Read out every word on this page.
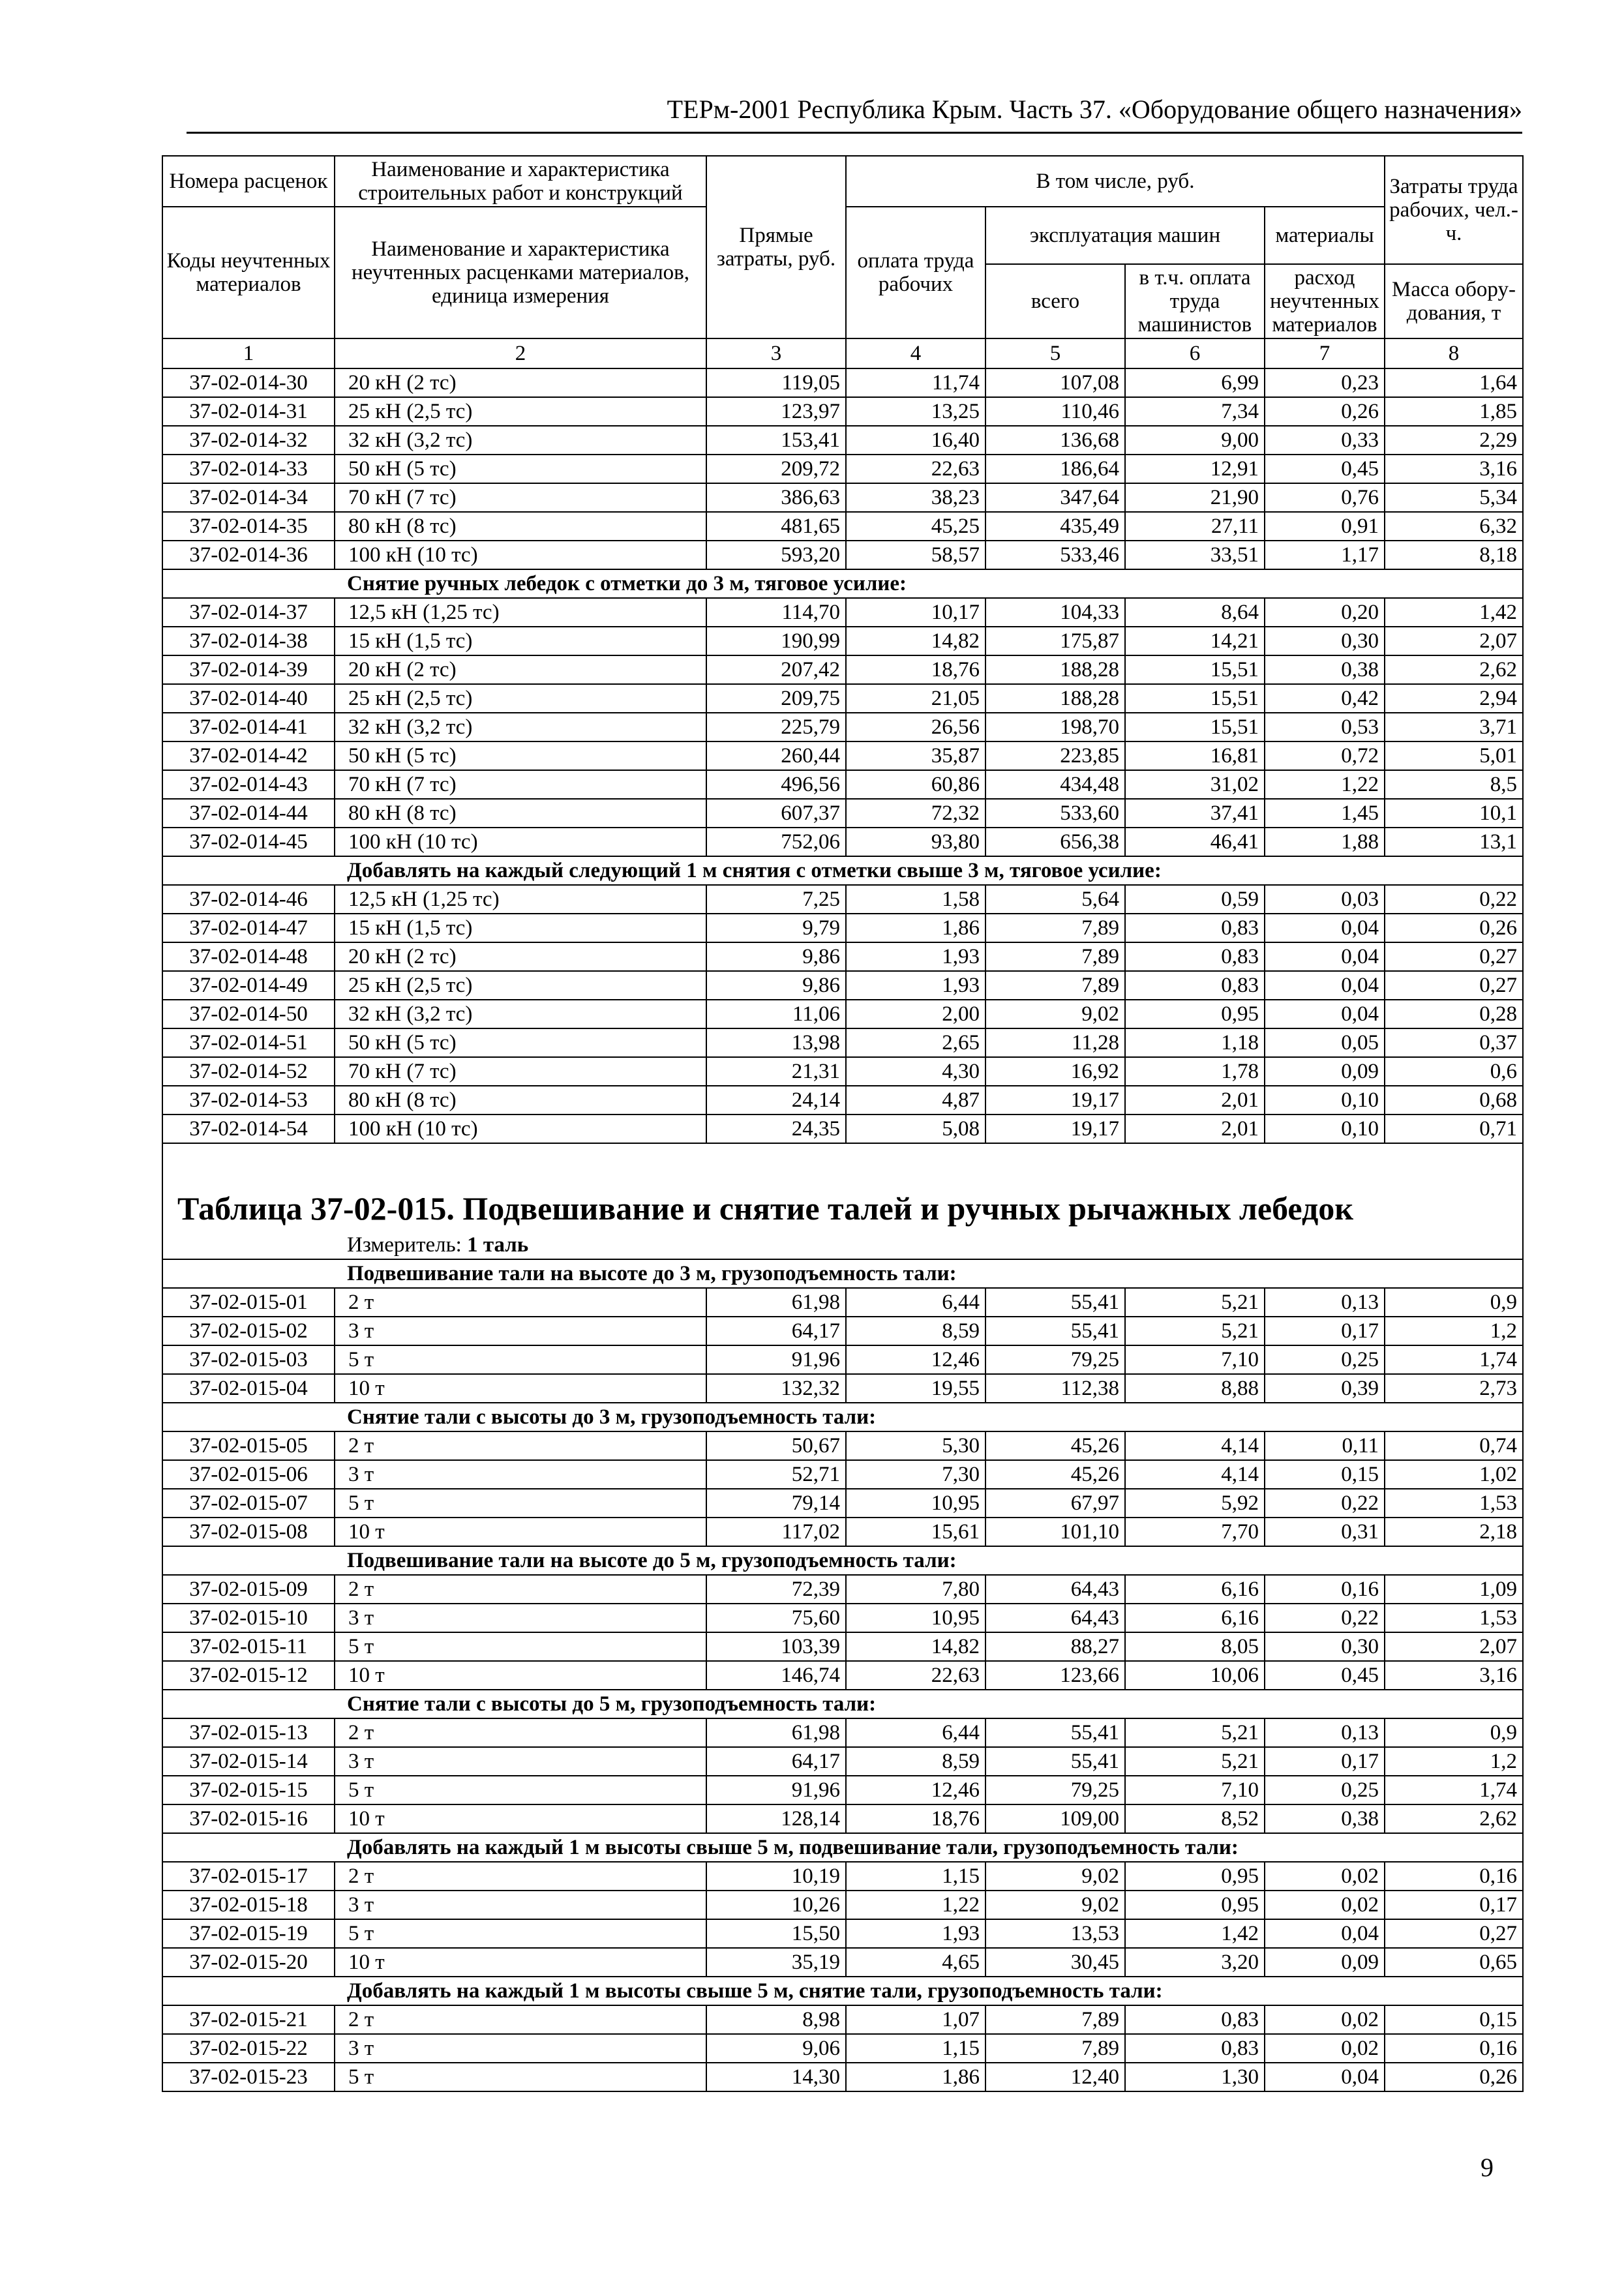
ТЕРм-2001 Республика Крым. Часть 37. «Оборудование общего назначения»
Номера расценок	Наименование и характеристика строительных работ и конструкций	Прямые затраты, руб.	В том числе, руб.				Затраты труда рабочих, чел.-ч.
Коды неучтенных материалов	Наименование и характеристика неучтенных расценками материалов, единица измерения		оплата труда рабочих	эксплуатация машин		материалы	
				всего	в т.ч. оплата труда машинистов	расход неучтенных материалов	Масса обору-дования, т
1	2	3	4	5	6	7	8
37-02-014-30	20 кН (2 тс)	119,05	11,74	107,08	6,99	0,23	1,64
37-02-014-31	25 кН (2,5 тс)	123,97	13,25	110,46	7,34	0,26	1,85
37-02-014-32	32 кН (3,2 тс)	153,41	16,40	136,68	9,00	0,33	2,29
37-02-014-33	50 кН (5 тс)	209,72	22,63	186,64	12,91	0,45	3,16
37-02-014-34	70 кН (7 тс)	386,63	38,23	347,64	21,90	0,76	5,34
37-02-014-35	80 кН (8 тс)	481,65	45,25	435,49	27,11	0,91	6,32
37-02-014-36	100 кН (10 тс)	593,20	58,57	533,46	33,51	1,17	8,18
Снятие ручных лебедок с отметки до 3 м, тяговое усилие:							
37-02-014-37	12,5 кН (1,25 тс)	114,70	10,17	104,33	8,64	0,20	1,42
37-02-014-38	15 кН (1,5 тс)	190,99	14,82	175,87	14,21	0,30	2,07
37-02-014-39	20 кН (2 тс)	207,42	18,76	188,28	15,51	0,38	2,62
37-02-014-40	25 кН (2,5 тс)	209,75	21,05	188,28	15,51	0,42	2,94
37-02-014-41	32 кН (3,2 тс)	225,79	26,56	198,70	15,51	0,53	3,71
37-02-014-42	50 кН (5 тс)	260,44	35,87	223,85	16,81	0,72	5,01
37-02-014-43	70 кН (7 тс)	496,56	60,86	434,48	31,02	1,22	8,5
37-02-014-44	80 кН (8 тс)	607,37	72,32	533,60	37,41	1,45	10,1
37-02-014-45	100 кН (10 тс)	752,06	93,80	656,38	46,41	1,88	13,1
Добавлять на каждый следующий 1 м снятия с отметки свыше 3 м, тяговое усилие:							
37-02-014-46	12,5 кН (1,25 тс)	7,25	1,58	5,64	0,59	0,03	0,22
37-02-014-47	15 кН (1,5 тс)	9,79	1,86	7,89	0,83	0,04	0,26
37-02-014-48	20 кН (2 тс)	9,86	1,93	7,89	0,83	0,04	0,27
37-02-014-49	25 кН (2,5 тс)	9,86	1,93	7,89	0,83	0,04	0,27
37-02-014-50	32 кН (3,2 тс)	11,06	2,00	9,02	0,95	0,04	0,28
37-02-014-51	50 кН (5 тс)	13,98	2,65	11,28	1,18	0,05	0,37
37-02-014-52	70 кН (7 тс)	21,31	4,30	16,92	1,78	0,09	0,6
37-02-014-53	80 кН (8 тс)	24,14	4,87	19,17	2,01	0,10	0,68
37-02-014-54	100 кН (10 тс)	24,35	5,08	19,17	2,01	0,10	0,71

Таблица 37-02-015. Подвешивание и снятие талей и ручных рычажных лебедок							
Измеритель: 1 таль							
Подвешивание тали на высоте до 3 м, грузоподъемность тали:							
37-02-015-01	2 т	61,98	6,44	55,41	5,21	0,13	0,9
37-02-015-02	3 т	64,17	8,59	55,41	5,21	0,17	1,2
37-02-015-03	5 т	91,96	12,46	79,25	7,10	0,25	1,74
37-02-015-04	10 т	132,32	19,55	112,38	8,88	0,39	2,73
Снятие тали с высоты до 3 м, грузоподъемность тали:							
37-02-015-05	2 т	50,67	5,30	45,26	4,14	0,11	0,74
37-02-015-06	3 т	52,71	7,30	45,26	4,14	0,15	1,02
37-02-015-07	5 т	79,14	10,95	67,97	5,92	0,22	1,53
37-02-015-08	10 т	117,02	15,61	101,10	7,70	0,31	2,18
Подвешивание тали на высоте до 5 м, грузоподъемность тали:							
37-02-015-09	2 т	72,39	7,80	64,43	6,16	0,16	1,09
37-02-015-10	3 т	75,60	10,95	64,43	6,16	0,22	1,53
37-02-015-11	5 т	103,39	14,82	88,27	8,05	0,30	2,07
37-02-015-12	10 т	146,74	22,63	123,66	10,06	0,45	3,16
Снятие тали с высоты до 5 м, грузоподъемность тали:							
37-02-015-13	2 т	61,98	6,44	55,41	5,21	0,13	0,9
37-02-015-14	3 т	64,17	8,59	55,41	5,21	0,17	1,2
37-02-015-15	5 т	91,96	12,46	79,25	7,10	0,25	1,74
37-02-015-16	10 т	128,14	18,76	109,00	8,52	0,38	2,62
Добавлять на каждый 1 м высоты свыше 5 м, подвешивание тали, грузоподъемность тали:							
37-02-015-17	2 т	10,19	1,15	9,02	0,95	0,02	0,16
37-02-015-18	3 т	10,26	1,22	9,02	0,95	0,02	0,17
37-02-015-19	5 т	15,50	1,93	13,53	1,42	0,04	0,27
37-02-015-20	10 т	35,19	4,65	30,45	3,20	0,09	0,65
Добавлять на каждый 1 м высоты свыше 5 м, снятие тали, грузоподъемность тали:							
37-02-015-21	2 т	8,98	1,07	7,89	0,83	0,02	0,15
37-02-015-22	3 т	9,06	1,15	7,89	0,83	0,02	0,16
37-02-015-23	5 т	14,30	1,86	12,40	1,30	0,04	0,26
9
